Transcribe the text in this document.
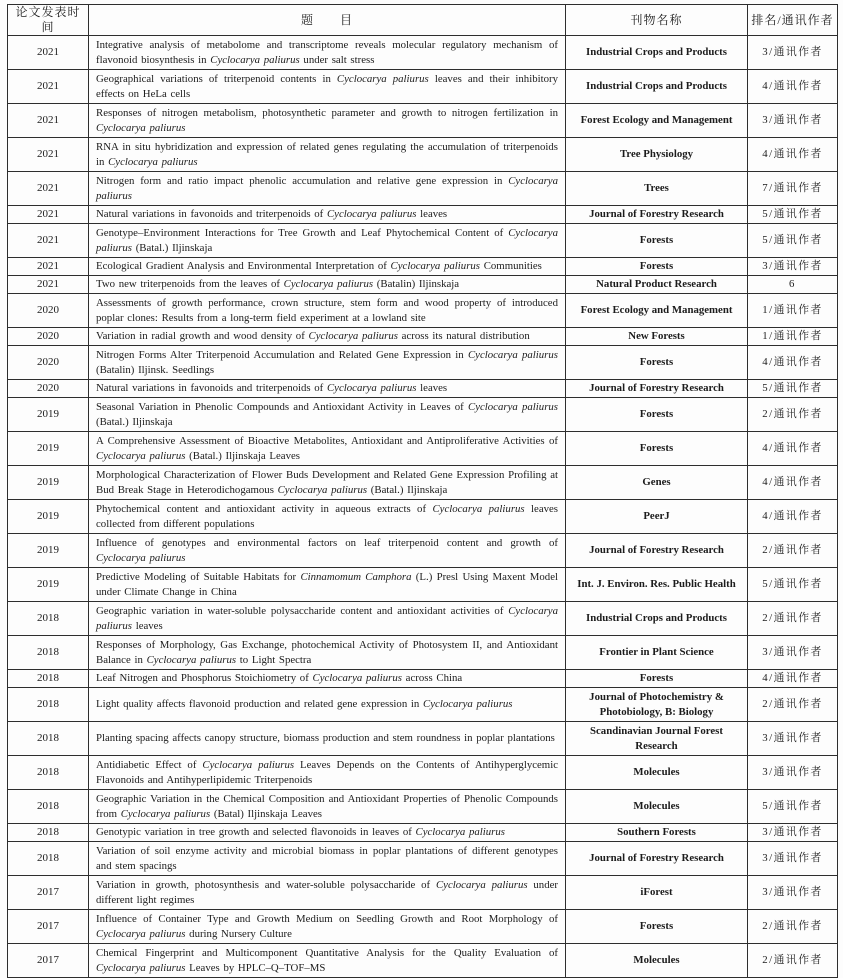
论文发表时间	题　　目	刊物名称	排名/通讯作者
2021	Integrative analysis of metabolome and transcriptome reveals molecular regulatory mechanism of flavonoid biosynthesis in Cyclocarya paliurus under salt stress	Industrial Crops and Products	3/通讯作者
2021	Geographical variations of triterpenoid contents in Cyclocarya paliurus leaves and their inhibitory effects on HeLa cells	Industrial Crops and Products	4/通讯作者
2021	Responses of nitrogen metabolism, photosynthetic parameter and growth to nitrogen fertilization in Cyclocarya paliurus	Forest Ecology and Management	3/通讯作者
2021	RNA in situ hybridization and expression of related genes regulating the accumulation of triterpenoids in Cyclocarya paliurus	Tree Physiology	4/通讯作者
2021	Nitrogen form and ratio impact phenolic accumulation and relative gene expression in Cyclocarya paliurus	Trees	7/通讯作者
2021	Natural variations in favonoids and triterpenoids of Cyclocarya paliurus leaves	Journal of Forestry Research	5/通讯作者
2021	Genotype–Environment Interactions for Tree Growth and Leaf Phytochemical Content of Cyclocarya paliurus (Batal.) Iljinskaja	Forests	5/通讯作者
2021	Ecological Gradient Analysis and Environmental Interpretation of Cyclocarya paliurus Communities	Forests	3/通讯作者
2021	Two new triterpenoids from the leaves of Cyclocarya paliurus (Batalin) Iljinskaja	Natural Product Research	6
2020	Assessments of growth performance, crown structure, stem form and wood property of introduced poplar clones: Results from a long-term field experiment at a lowland site	Forest Ecology and Management	1/通讯作者
2020	Variation in radial growth and wood density of Cyclocarya paliurus across its natural distribution	New Forests	1/通讯作者
2020	Nitrogen Forms Alter Triterpenoid Accumulation and Related Gene Expression in Cyclocarya paliurus (Batalin) Iljinsk. Seedlings	Forests	4/通讯作者
2020	Natural variations in favonoids and triterpenoids of Cyclocarya paliurus leaves	Journal of Forestry Research	5/通讯作者
2019	Seasonal Variation in Phenolic Compounds and Antioxidant Activity in Leaves of Cyclocarya paliurus (Batal.) Iljinskaja	Forests	2/通讯作者
2019	A Comprehensive Assessment of Bioactive Metabolites, Antioxidant and Antiproliferative Activities of Cyclocarya paliurus (Batal.) Iljinskaja Leaves	Forests	4/通讯作者
2019	Morphological Characterization of Flower Buds Development and Related Gene Expression Profiling at Bud Break Stage in Heterodichogamous Cyclocarya paliurus (Batal.) Iljinskaja	Genes	4/通讯作者
2019	Phytochemical content and antioxidant activity in aqueous extracts of Cyclocarya paliurus leaves collected from different populations	PeerJ	4/通讯作者
2019	Influence of genotypes and environmental factors on leaf triterpenoid content and growth of Cyclocarya paliurus	Journal of Forestry Research	2/通讯作者
2019	Predictive Modeling of Suitable Habitats for Cinnamomum Camphora (L.) Presl Using Maxent Model under Climate Change in China	Int. J. Environ. Res. Public Health	5/通讯作者
2018	Geographic variation in water-soluble polysaccharide content and antioxidant activities of Cyclocarya paliurus leaves	Industrial Crops and Products	2/通讯作者
2018	Responses of Morphology, Gas Exchange, photochemical Activity of Photosystem II, and Antioxidant Balance in Cyclocarya paliurus to Light Spectra	Frontier in Plant Science	3/通讯作者
2018	Leaf Nitrogen and Phosphorus Stoichiometry of Cyclocarya paliurus across China	Forests	4/通讯作者
2018	Light quality affects flavonoid production and related gene expression in Cyclocarya paliurus	Journal of Photochemistry & Photobiology, B: Biology	2/通讯作者
2018	Planting spacing affects canopy structure, biomass production and stem roundness in poplar plantations	Scandinavian Journal Forest Research	3/通讯作者
2018	Antidiabetic Effect of Cyclocarya paliurus Leaves Depends on the Contents of Antihyperglycemic Flavonoids and Antihyperlipidemic Triterpenoids	Molecules	3/通讯作者
2018	Geographic Variation in the Chemical Composition and Antioxidant Properties of Phenolic Compounds from Cyclocarya paliurus (Batal) Iljinskaja Leaves	Molecules	5/通讯作者
2018	Genotypic variation in tree growth and selected flavonoids in leaves of Cyclocarya paliurus	Southern Forests	3/通讯作者
2018	Variation of soil enzyme activity and microbial biomass in poplar plantations of different genotypes and stem spacings	Journal of Forestry Research	3/通讯作者
2017	Variation in growth, photosynthesis and water-soluble polysaccharide of Cyclocarya paliurus under different light regimes	iForest	3/通讯作者
2017	Influence of Container Type and Growth Medium on Seedling Growth and Root Morphology of Cyclocarya paliurus during Nursery Culture	Forests	2/通讯作者
2017	Chemical Fingerprint and Multicomponent Quantitative Analysis for the Quality Evaluation of Cyclocarya paliurus Leaves by HPLC–Q–TOF–MS	Molecules	2/通讯作者
